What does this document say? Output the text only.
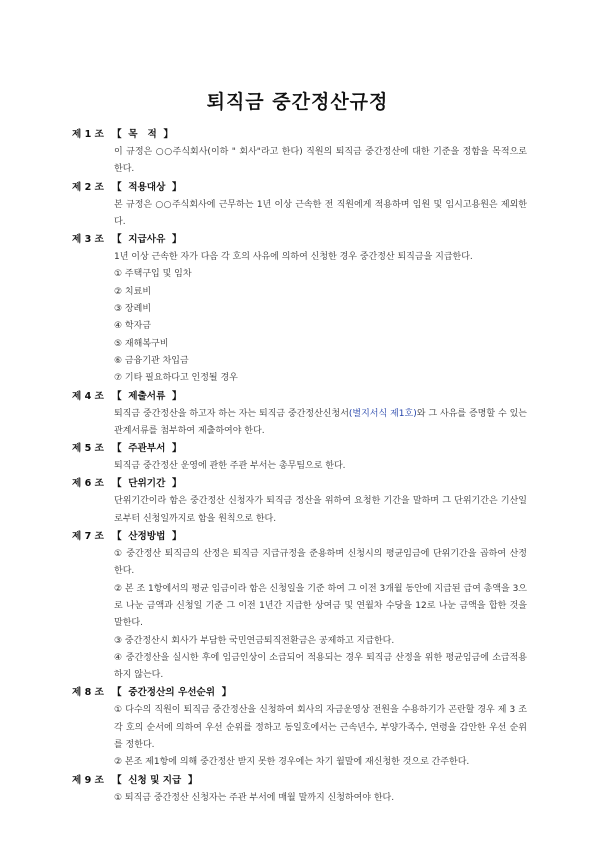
퇴직금 중간정산규정
제 1 조 【  목   적  】
이 규정은 ○○주식회사(이하 " 회사"라고 한다) 직원의 퇴직금 중간정산에 대한 기준을 정함을 목적으로 한다.
제 2 조 【  적용대상  】
본 규정은 ○○주식회사에 근무하는 1년 이상 근속한 전 직원에게 적용하며 임원 및 임시고용원은 제외한다.
제 3 조 【  지급사유  】
1년 이상 근속한 자가 다음 각 호의 사유에 의하여 신청한 경우 중간정산 퇴직금을 지급한다.
① 주택구입 및 임차
② 치료비
③ 장례비
④ 학자금
⑤ 재해복구비
⑥ 금융기관 차입금
⑦ 기타 필요하다고 인정될 경우
제 4 조 【  제출서류  】
퇴직금 중간정산을 하고자 하는 자는 퇴직금 중간정산신청서(별지서식 제1호)와 그 사유를 증명할 수 있는 관계서류를 첨부하여 제출하여야 한다.
제 5 조 【  주관부서  】
퇴직금 중간정산 운영에 관한 주관 부서는 총무팀으로 한다.
제 6 조 【  단위기간  】
단위기간이라 함은 중간정산 신청자가 퇴직금 정산을 위하여 요청한 기간을 말하며 그 단위기간은 기산일로부터 신청일까지로 함을 원칙으로 한다.
제 7 조 【  산정방법  】
① 중간정산 퇴직금의 산정은 퇴직금 지급규정을 준용하며 신청시의 평균임금에 단위기간을 곱하여 산정한다.
② 본 조 1항에서의 평균 임금이라 함은 신청일을 기준 하여 그 이전 3개월 동안에 지급된 급여 총액을 3으로 나눈 금액과 신청일 기준 그 이전 1년간 지급한 상여금 및 연월차 수당을 12로 나눈 금액을 합한 것을 말한다.
③ 중간정산시 회사가 부담한 국민연금퇴직전환금은 공제하고 지급한다.
④ 중간정산을 실시한 후에 임금인상이 소급되어 적용되는 경우 퇴직금 산정을 위한 평균임금에 소급적용 하지 않는다.
제 8 조 【  중간정산의 우선순위  】
① 다수의 직원이 퇴직금 중간정산을 신청하여 회사의 자금운영상 전원을 수용하기가 곤란할 경우 제 3 조 각 호의 순서에 의하여 우선 순위를 정하고 동일호에서는 근속년수, 부양가족수, 연령을 감안한 우선 순위를 정한다.
② 본조 제1항에 의해 중간정산 받지 못한 경우에는 차기 월말에 재신청한 것으로 간주한다.
제 9 조 【  신청 및 지급  】
① 퇴직금 중간정산 신청자는 주관 부서에 매월 말까지 신청하여야 한다.
